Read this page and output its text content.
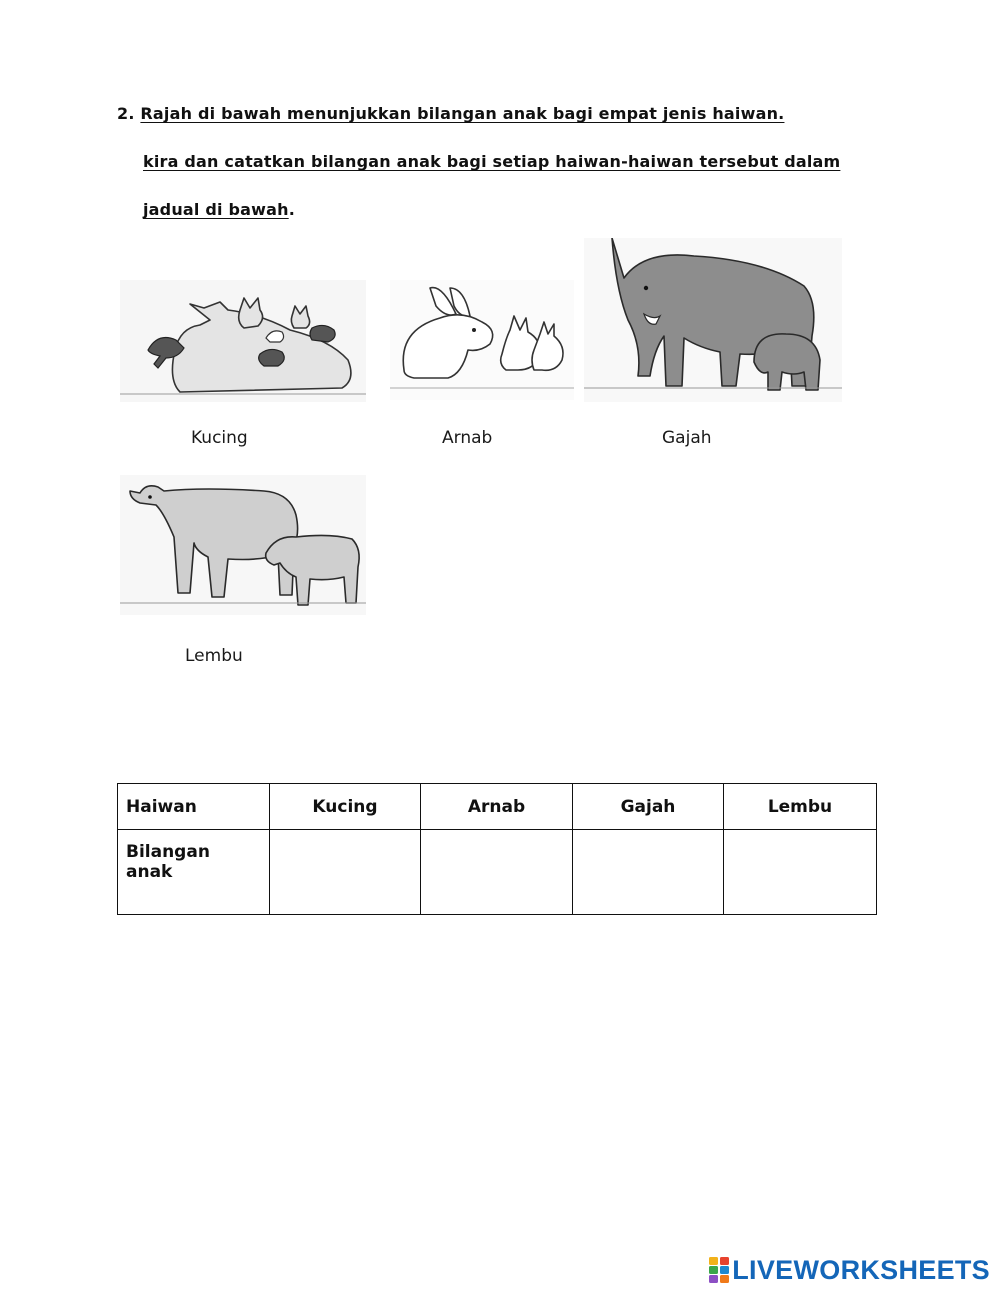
2. Rajah di bawah menunjukkan bilangan anak bagi empat jenis haiwan.
kira dan catatkan bilangan anak bagi setiap haiwan-haiwan tersebut dalam
jadual di bawah.
Kucing	Arnab	Gajah
Lembu
Haiwan	Kucing	Arnab	Gajah	Lembu
Bilangan anak				
LIVEWORKSHEETS
